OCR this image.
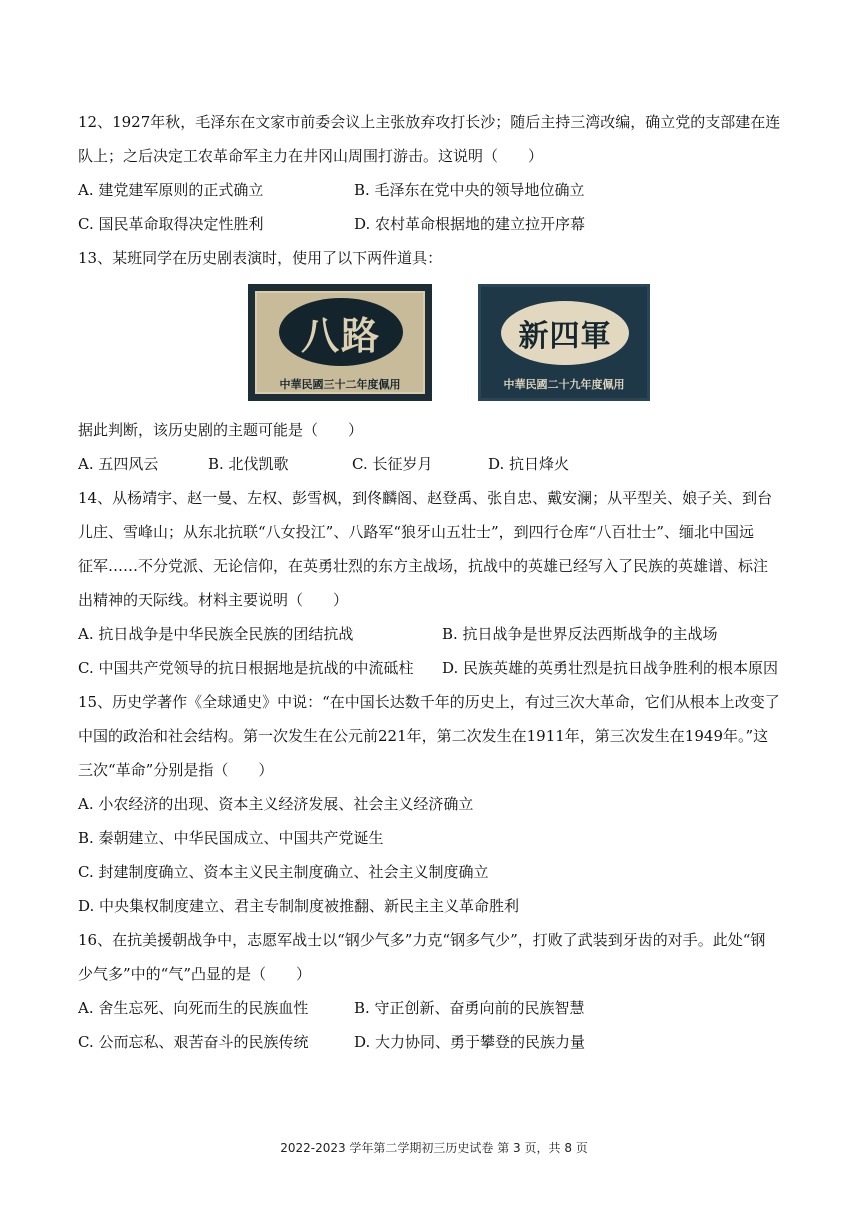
12、1927年秋，毛泽东在文家市前委会议上主张放弃攻打长沙；随后主持三湾改编，确立党的支部建在连
队上；之后决定工农革命军主力在井冈山周围打游击。这说明（　　）
A. 建党建军原则的正式确立	B. 毛泽东在党中央的领导地位确立
C. 国民革命取得决定性胜利	D. 农村革命根据地的建立拉开序幕
13、某班同学在历史剧表演时，使用了以下两件道具：
八路
中華民國三十二年度佩用
新四軍
中華民國二十九年度佩用
据此判断，该历史剧的主题可能是（　　）
A. 五四风云	B. 北伐凯歌	C. 长征岁月	D. 抗日烽火
14、从杨靖宇、赵一曼、左权、彭雪枫，到佟麟阁、赵登禹、张自忠、戴安澜；从平型关、娘子关、到台
儿庄、雪峰山；从东北抗联“八女投江”、八路军“狼牙山五壮士”，到四行仓库“八百壮士”、缅北中国远
征军……不分党派、无论信仰，在英勇壮烈的东方主战场，抗战中的英雄已经写入了民族的英雄谱、标注
出精神的天际线。材料主要说明（　　）
A. 抗日战争是中华民族全民族的团结抗战	B. 抗日战争是世界反法西斯战争的主战场
C. 中国共产党领导的抗日根据地是抗战的中流砥柱 D. 民族英雄的英勇壮烈是抗日战争胜利的根本原因
15、历史学著作《全球通史》中说：“在中国长达数千年的历史上，有过三次大革命，它们从根本上改变了
中国的政治和社会结构。第一次发生在公元前221年，第二次发生在1911年，第三次发生在1949年。”这
三次“革命”分别是指（　　）
A. 小农经济的出现、资本主义经济发展、社会主义经济确立
B. 秦朝建立、中华民国成立、中国共产党诞生
C. 封建制度确立、资本主义民主制度确立、社会主义制度确立
D. 中央集权制度建立、君主专制制度被推翻、新民主主义革命胜利
16、在抗美援朝战争中，志愿军战士以“钢少气多”力克“钢多气少”，打败了武装到牙齿的对手。此处“钢
少气多”中的“气”凸显的是（　　）
A. 舍生忘死、向死而生的民族血性	B. 守正创新、奋勇向前的民族智慧
C. 公而忘私、艰苦奋斗的民族传统	D. 大力协同、勇于攀登的民族力量
2022-2023 学年第二学期初三历史试卷 第 3 页，共 8 页
